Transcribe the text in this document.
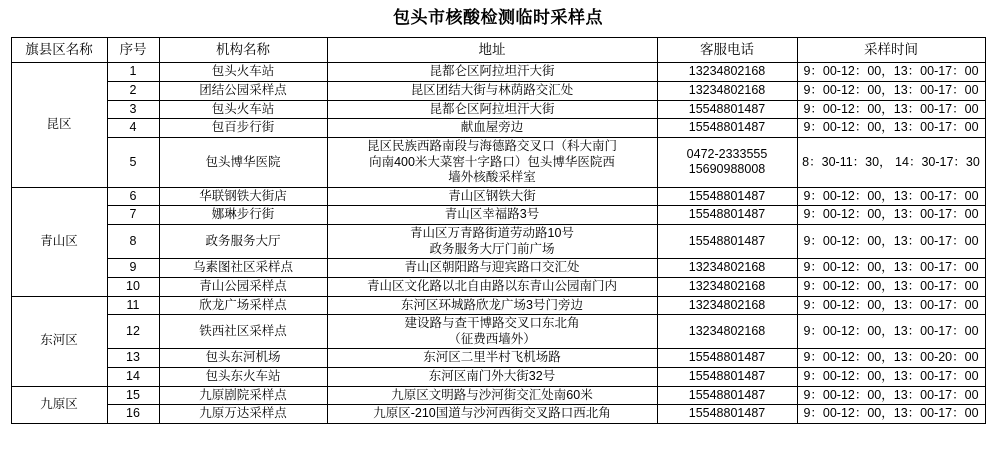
包头市核酸检测临时采样点
旗县区名称	序号	机构名称	地址	客服电话	采样时间
昆区	1	包头火车站	昆都仑区阿拉坦汗大街	13234802168	9：00-12：00，13：00-17：00

	2	团结公园采样点	昆区团结大街与林荫路交汇处	13234802168	9：00-12：00，13：00-17：00

	3	包头火车站	昆都仑区阿拉坦汗大街	15548801487	9：00-12：00，13：00-17：00

	4	包百步行街	献血屋旁边	15548801487	9：00-12：00，13：00-17：00

	5	包头博华医院	昆区民族西路南段与海德路交叉口（科大南门
向南400米大菜窖十字路口）包头博华医院西
墙外核酸采样室	0472-2333555
15690988008	8：30-11：30， 14：30-17：30

青山区	6	华联钢铁大街店	青山区钢铁大街	15548801487	9：00-12：00，13：00-17：00

	7	娜琳步行街	青山区幸福路3号	15548801487	9：00-12：00，13：00-17：00

	8	政务服务大厅	青山区万青路街道劳动路10号
政务服务大厅门前广场	15548801487	9：00-12：00，13：00-17：00

	9	乌素图社区采样点	青山区朝阳路与迎宾路口交汇处	13234802168	9：00-12：00，13：00-17：00

	10	青山公园采样点	青山区文化路以北自由路以东青山公园南门内	13234802168	9：00-12：00，13：00-17：00

东河区	11	欣龙广场采样点	东河区环城路欣龙广场3号门旁边	13234802168	9：00-12：00，13：00-17：00

	12	铁西社区采样点	建设路与查干博路交叉口东北角
（征费西墙外）	13234802168	9：00-12：00，13：00-17：00

	13	包头东河机场	东河区二里半村飞机场路	15548801487	9：00-12：00，13：00-20：00

	14	包头东火车站	东河区南门外大街32号	15548801487	9：00-12：00，13：00-17：00

九原区	15	九原剧院采样点	九原区文明路与沙河街交汇处南60米	15548801487	9：00-12：00，13：00-17：00

	16	九原万达采样点	九原区-210国道与沙河西街交叉路口西北角	15548801487	9：00-12：00，13：00-17：00
